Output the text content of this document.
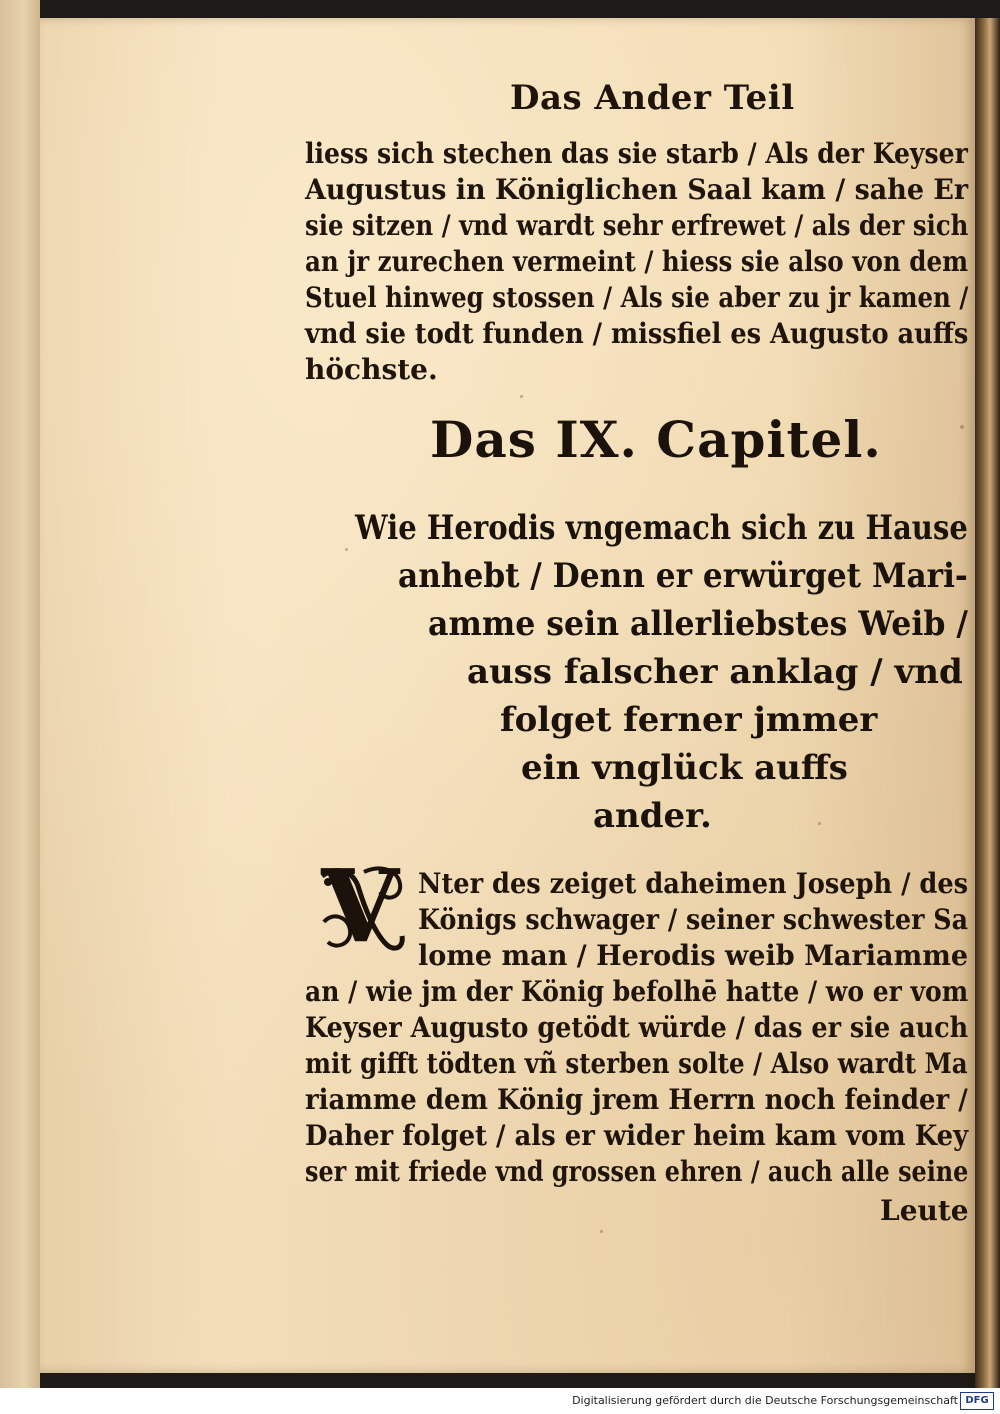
Das Ander Teil
liess sich stechen das sie starb / Als der Keyser
Augustus in Königlichen Saal kam / sahe Er
sie sitzen / vnd wardt sehr erfrewet / als der sich
an jr zurechen vermeint / hiess sie also von dem
Stuel hinweg stossen / Als sie aber zu jr kamen /
vnd sie todt funden / missfiel es Augusto auffs
höchste.
Das IX. Capitel.
Wie Herodis vngemach sich zu Hause
anhebt / Denn er erwürget Mari-
amme sein allerliebstes Weib /
auss falscher anklag / vnd
folget ferner jmmer
ein vnglück auffs
ander.
V Nter des zeiget daheimen Joseph / des
Königs schwager / seiner schwester Sa
lome man / Herodis weib Mariamme
an / wie jm der König befolhē hatte / wo er vom
Keyser Augusto getödt würde / das er sie auch
mit gifft tödten vñ sterben solte / Also wardt Ma
riamme dem König jrem Herrn noch feinder /
Daher folget / als er wider heim kam vom Key
ser mit friede vnd grossen ehren / auch alle seine
Leute
Digitalisierung gefördert durch die Deutsche Forschungsgemeinschaft DFG
